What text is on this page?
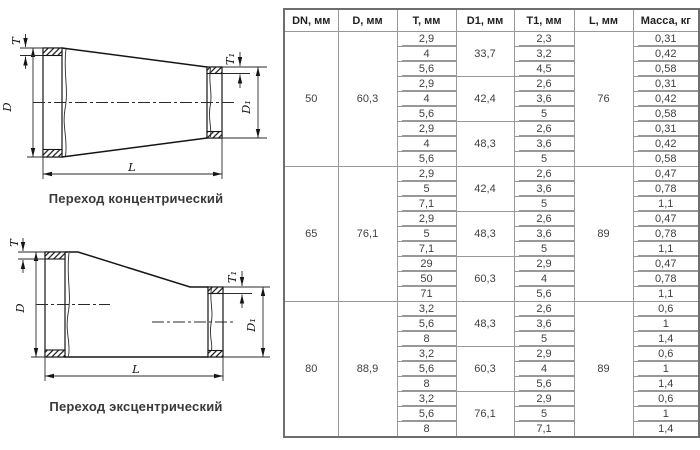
D
T
T₁
D₁
L
Переход концентрический
D
T
T₁
D₁
L
Переход эксцентрический
DN, мм	D, мм	T, мм	D1, мм	T1, мм	L, мм	Масса, кг
50	60,3	2,9	33,7	2,3	76	0,31
		4		3,2		0,42
		5,6		4,5		0,58
		2,9	42,4	2,6		0,31
		4		3,6		0,42
		5,6		5		0,58
		2,9	48,3	2,6		0,31
		4		3,6		0,42
		5,6		5		0,58
65	76,1	2,9	42,4	2,6	89	0,47
		5		3,6		0,78
		7,1		5		1,1
		2,9	48,3	2,6		0,47
		5		3,6		0,78
		7,1		5		1,1
		29	60,3	2,9		0,47
		50		4		0,78
		71		5,6		1,1
80	88,9	3,2	48,3	2,6	89	0,6
		5,6		3,6		1
		8		5		1,4
		3,2	60,3	2,9		0,6
		5,6		4		1
		8		5,6		1,4
		3,2	76,1	2,9		0,6
		5,6		5		1
		8		7,1		1,4
